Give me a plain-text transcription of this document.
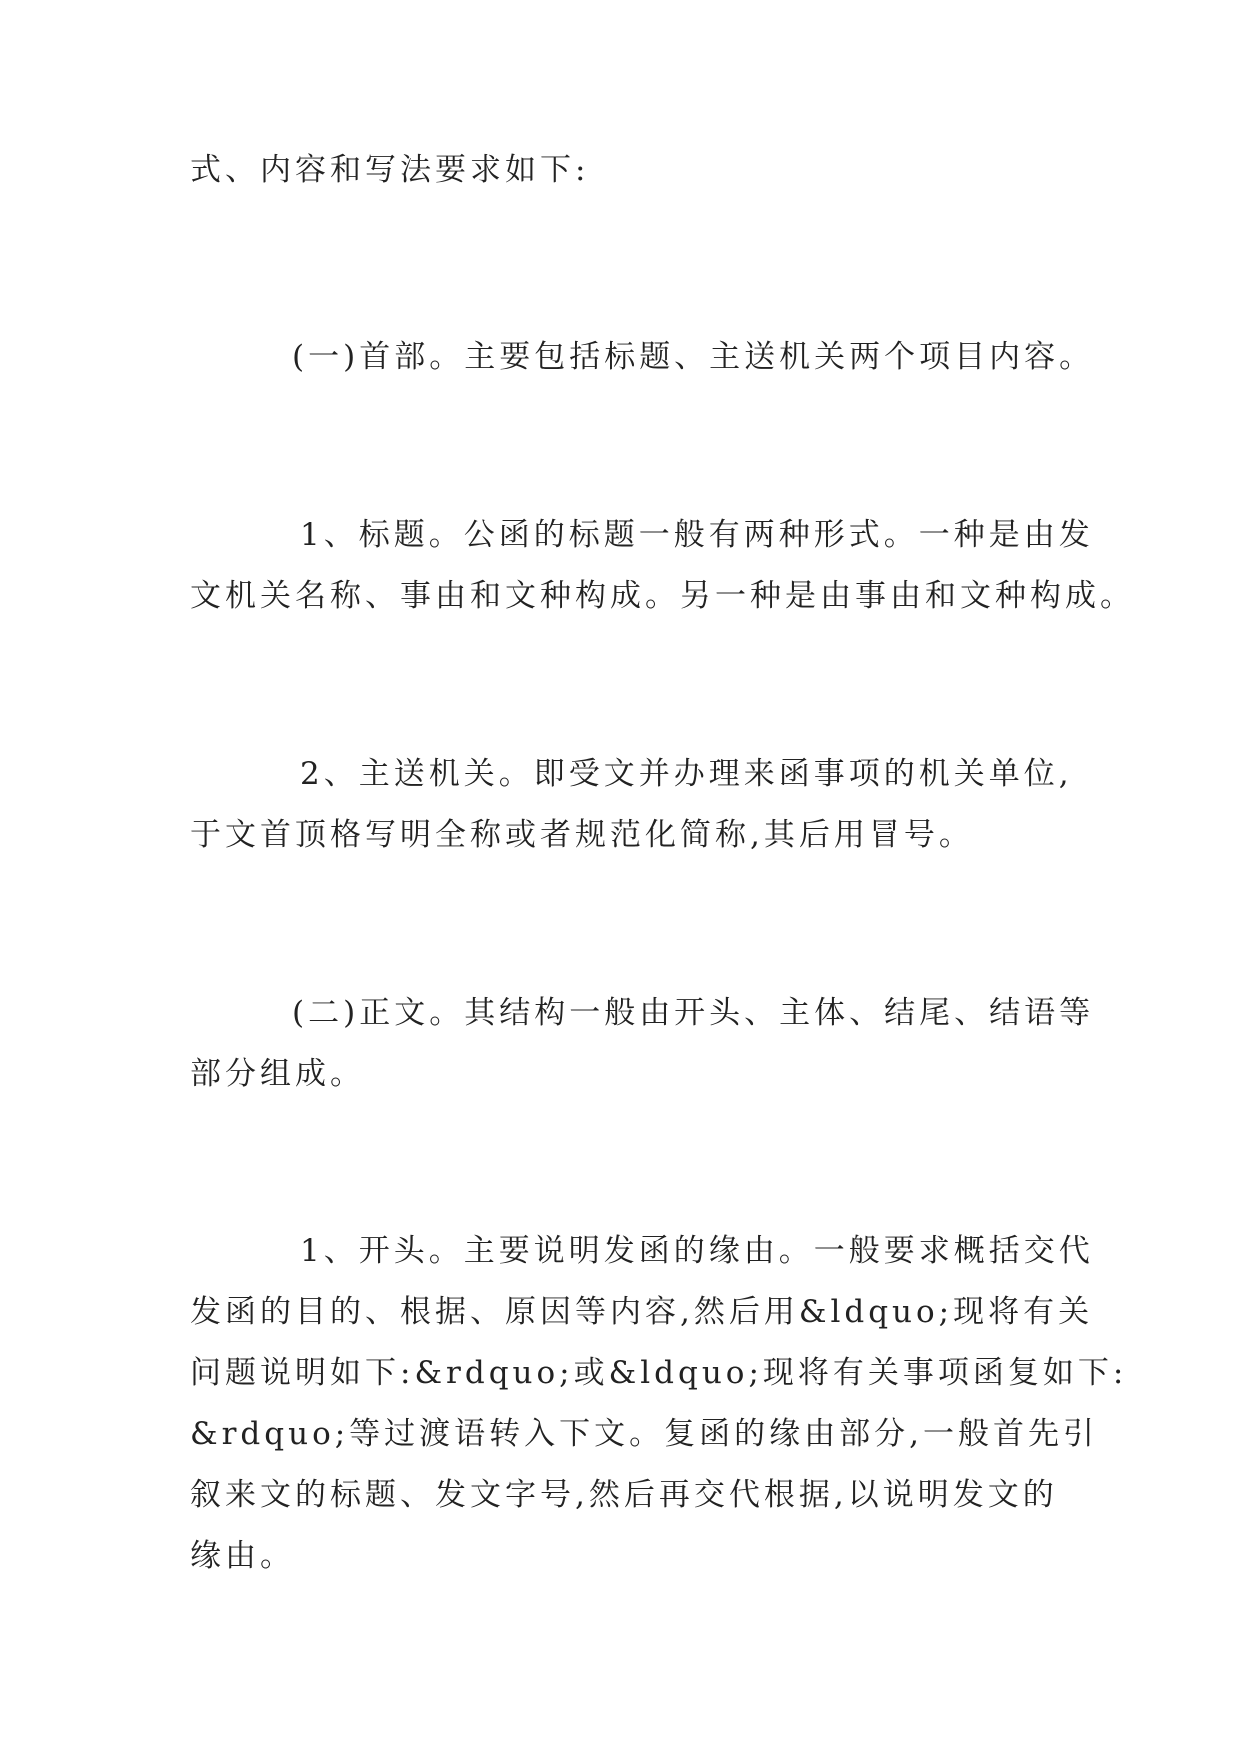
式、内容和写法要求如下:
(一)首部。主要包括标题、主送机关两个项目内容。
1、标题。公函的标题一般有两种形式。一种是由发
文机关名称、事由和文种构成。另一种是由事由和文种构成。
2、主送机关。即受文并办理来函事项的机关单位,
于文首顶格写明全称或者规范化简称,其后用冒号。
(二)正文。其结构一般由开头、主体、结尾、结语等
部分组成。
1、开头。主要说明发函的缘由。一般要求概括交代
发函的目的、根据、原因等内容,然后用&ldquo;现将有关
问题说明如下:&rdquo;或&ldquo;现将有关事项函复如下:
&rdquo;等过渡语转入下文。复函的缘由部分,一般首先引
叙来文的标题、发文字号,然后再交代根据,以说明发文的
缘由。
